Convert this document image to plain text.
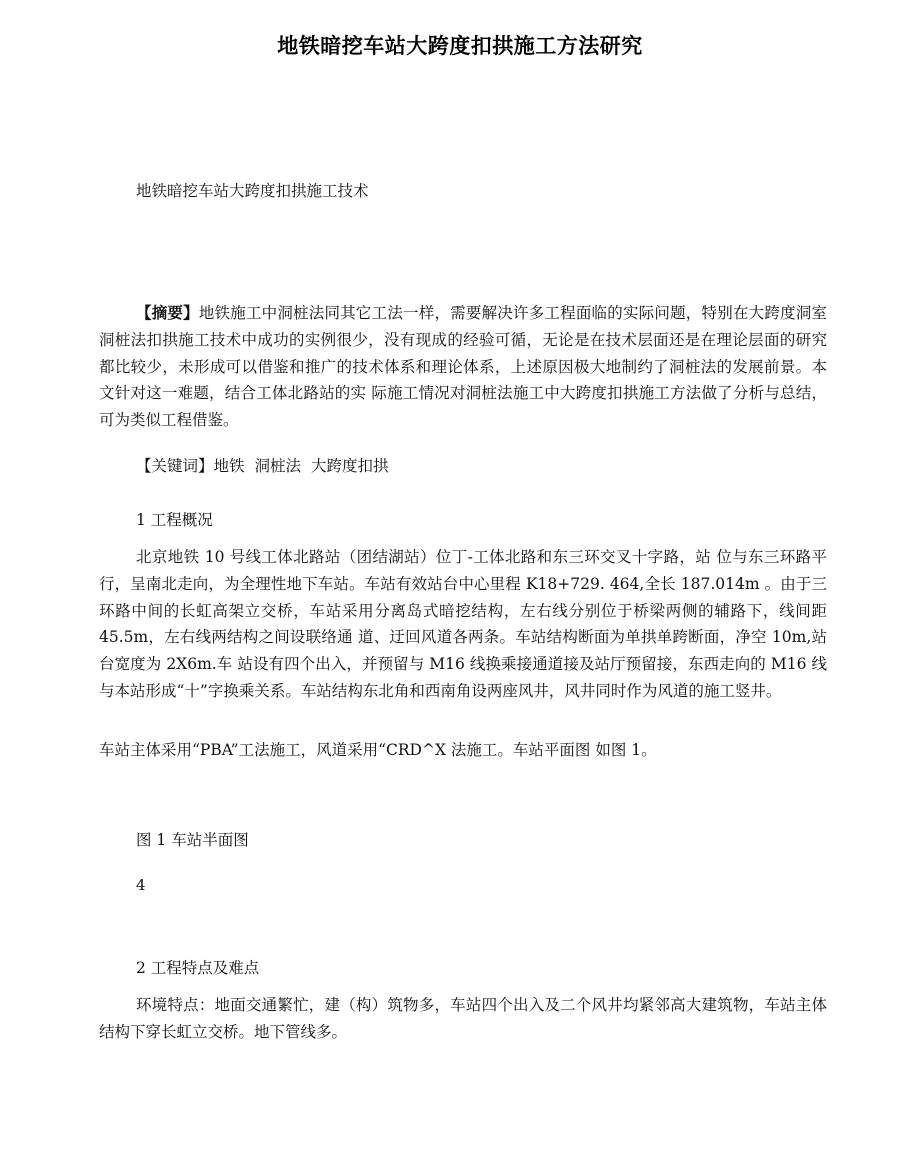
地铁暗挖车站大跨度扣拱施工方法研究
地铁暗挖车站大跨度扣拱施工技术
【摘要】地铁施工中洞桩法同其它工法一样，需要解决许多工程面临的实际问题，特别在大跨度洞室洞桩法扣拱施工技术中成功的实例很少，没有现成的经验可循，无论是在技术层面还是在理论层面的研究都比较少，未形成可以借鉴和推广的技术体系和理论体系，上述原因极大地制约了洞桩法的发展前景。本文针对这一难题，结合工体北路站的实 际施工情况对洞桩法施工中大跨度扣拱施工方法做了分析与总结，可为类似工程借鉴。
【关键词】地铁 洞桩法 大跨度扣拱
1 工程概况
北京地铁 10 号线工体北路站（团结湖站）位丁-工体北路和东三环交叉十字路，站 位与东三环路平行，呈南北走向，为全理性地下车站。车站有效站台中心里程 K18+729. 464,全长 187.014m 。由于三环路中间的长虹高架立交桥，车站采用分离岛式暗挖结构，左右线分别位于桥梁两侧的辅路下，线间距 45.5m，左右线两结构之间设联络通 道、迂回风道各两条。车站结构断面为单拱单跨断面，净空 10m,站台宽度为 2X6m.车 站设有四个出入，并预留与 M16 线换乘接通道接及站厅预留接，东西走向的 M16 线与本站形成“十”字换乘关系。车站结构东北角和西南角设两座风井，风井同时作为风道的施工竖井。
车站主体采用“PBA”工法施工，风道采用“CRD^X 法施工。车站平面图 如图 1。
图 1 车站半面图
4
2 工程特点及难点
环境特点：地面交通繁忙，建（构）筑物多，车站四个出入及二个风井均紧邻高大建筑物，车站主体结构下穿长虹立交桥。地下管线多。
